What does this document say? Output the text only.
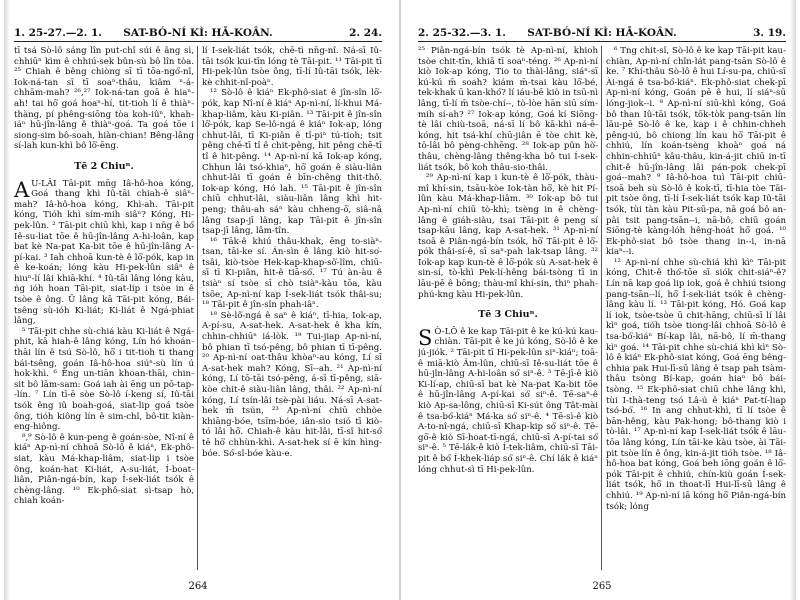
1. 25-27.—2. 1.	SAT-BÓ-NÍ KÌ: HĀ-KOÂN.	2. 24.

tī tsá Sò-lô sáng lîn put-chî súi ê âng sì, chhiūⁿ kìm ê chhiú-sek bûn-sù bô lîn tòa. ²⁵ Chiah ê bêng chiòng sī tī tōa-ngó͘-nî, Iok-ná-tan sī tī soaⁿ-thâu, kiâm ⁿ-á-chhām-mah? ²⁶,²⁷ Iok-ná-tan goā ê hiaⁿ-ah! tai hō͘ goá hoaⁿ-hí, tit-tioh lí ê thiàⁿ-thàng, pí phêng-siōng tòa koh-iûⁿ, khah-iáⁿ hū-jîn-lâng ê thiàⁿ-goá. Ta goá tōe i siong-sim bô-soah, hiàn-chian! Bêng-lâng sí-lah kun-khì bô lō͘-ēng.

Tē 2 Chiuⁿ.

A U-LÂI Tāi-pit mn̄g Iâ-hô-hoa kóng, Goá thang khì Iû-tāi chiah-ê siâⁿ-mah? Iâ-hô-hoa kóng, Khì-ah. Tāi-pit kóng, Tióh khì sím-mih siâⁿ? Kóng, Hi-pek-lûn. ² Tāi-pit chiū khì, kap i nn̄g ê bó͘ Iê-su-liat tōe ê hū-jîn-lâng A-hi-loân, kap bat kè Na-pat Ka-bit tōe ê hū-jîn-lâng A-pí-kai. ³ Iah chhoā kun-tè ê lō͘-pók, kap in ê ke-koán; lóng kàu Hi-pek-lûn siâⁿ ê hiuⁿ-lí lâi khiā-khí. ⁴ Iû-tāi lâng lóng kàu, ṅg ióh hoan Tāi-pit, siat-lip i tsòe in ê tsòe ê ông. Ū lâng kā Tāi-pit kóng, Bái-tsêng sù-ióh Ki-liát; Ki-liát ê Ngá-phiat lâng,

⁵ Tāi-pit chhe sù-chiá kàu Ki-liát ê Ngá-phit, kā hiah-ê lâng kóng, Lín hó khoán-thāi lín ê tsú Sò-lô, hō͘ i tit-tioh ti thang bái-tsêng, goán Iâ-hô-hoa siúⁿ-sù lín ú hok-khì. ⁶ Ēng un-tiān khoan-thāi, chin-sit bô lām-sam: Goá iah ài ēng un pō-tap--lín. ⁷ Lín tī-ē sòe Sò-lô í-keng sí, Iû-tāi tsók êng iû boah-goá, siat-lip goá tsòe ông, tióh kiông lín ê sim-chî, bô-tit kiàn-eng-hiông.

⁸,⁹ Sò-lô ê kun-peng ê goán-sòe, Nî-ní ê kiáⁿ Ap-nì-ní chhoā Sò-lô ê kiáⁿ, Ek-phô-siat, kàu Má-khap-liâm, siat-lip i tsòe ông, koán-hat Ki-liát, A-su-liát, Í-boat-liân, Piân-ngá-bín, kap Í-sek-liát tsók ê chèng-lâng. ¹⁰ Ek-phô-siat sì-tsap hò, chiah koán-

lí Í-sek-liát tsók, chē-tì nn̄g-nî. Ná-sī Iû-tāi tsók kui-tīn lóng tè Tāi-pit. ¹¹ Tāi-pit tī Hi-pek-lûn tsòe ông, tī-lí Iû-tāi tsók, lèk-kè chhit-nî-poàⁿ.

¹² Sò-lô ê kiáⁿ Ek-phô-siat ê jîn-sîn lō͘-pók, kap Nî-ní ê kiáⁿ Ap-nì-ní, lí-khui Má-khap-liâm, kàu Ki-piân. ¹³ Tāi-pit ê jîn-sîn lō͘-pók, kap Se-lô-ngá ê kiáⁿ Iok-ap, lóng chhut-lâi, tī Ki-piân ê tî-piⁿ tú-tioh; tsit pêng chē-tī tî ê chit-pêng, hit pêng chē-tī tî ê hit-pêng. ¹⁴ Ap-nì-ní kā Iok-ap kóng, Chhun lâi tsó-khiaⁿ, hō͘ goán ê siàu-liân chhut-lâi tī goán ê bīn-chêng thit-thô. Iok-ap kóng, Hó lah. ¹⁵ Tāi-pit ê jîn-sîn chiū chhut-lâi, siàu-liân lâng khì hit-peng; thâu-ah sáⁿ kàu chheng-ō͘, siâ-nâ lâng tsap-jī lâng, kap Tāi-pit ê jîn-sîn tsap-jī lâng, lâm-tîn.

¹⁶ Tāk-ê khiú thâu-khak, ēng to-siàⁿ-tsan, tāi-ke sí. Án-sìn ê lâng kiò hit-so͘-tsâi, kiò-tsòe Hek-kap-khap-sô͘-lîm, chiū-sī tī Ki-piân, hit-ê tiā-só͘. ¹⁷ Tú àn-àu ê tsiàⁿ sí tsòe sī chò tsiàⁿ-kàu tōa, kàu tsōe, Ap-nì-ní kap Í-sek-liát tsók thâi-su; ¹⁸ Tāi-pit ê jîn-sîn phah-iâⁿ.

¹⁸ Sè-lô͘-ngá ê saⁿ ê kiáⁿ, tī-hia, Iok-ap, A-pí-su, A-sat-hek. A-sat-hek ê kha kín, chhin-chhiūⁿ iá-lòk. ¹⁹ Tui-jiap Ap-nì-ní, bô phian tī tsó-pêng, bô phian tī tī-pêng. ²⁰ Ap-nì-ní oat-thâu khòaⁿ-au kóng, Lí sī A-sat-hek mah? Kóng, Sī--ah. ²¹ Ap-nì-ní kóng, Lí tō-tāi tsó-pêng, á-sī tī-pêng, siā-kòe chit-ê siàu-liân lâng, thâi. ²² Ap-nì-ní kóng, Lí tsín-lâi tsè-pài liáu. Ná-sī A-sat-hek m̄ tsún, ²³ Ap-nì-ní chiū chhòe khiāng-bóe, tsīm-bóe, iân-sio tsió tī kiò-tó lâi hō͘. Chiah-ê kàu hit-lâi, tī-sî hit-só͘ tē hō͘ chhùn-khì. A-sat-hek sí ē kín hìng-bóe. Só͘-sî-bóe kàu-e.

264
2. 25-32.—3. 1.	SAT-BÓ-NÍ KÌ: HĀ-KOÂN.	3. 19.

²⁵ Piân-ngá-bín tsók tè Ap-nì-ní, khioh tsòe chit-tīn, khiā tī soaⁿ-téng. ²⁶ Ap-nì-ní kiò Iok-ap kóng, Tio to thài-lâng, siáⁿ-sī kú-kú m̄ soah? kiám m̄-tsai kàu lō͘-bé, tek-khak ū kan-khó͘? lí iáu-bē kiò in tsū-nì lâng, tī-lí m̄ tsòe-chí--, tò-lòe hān siū sím-mih sí-ah? ²⁷ Iok-ap kóng, Goá kí Siōng-tè lâi chiù-tsoā, ná-sī lí bô kā-khì ná-ē-kóng, hit tsá-khí chū-jiân ē tòe chit kè, tō-lâi bô pèng-chhēng. ²⁸ Iok-ap pûn hò͘-thâu, chèng-lâng thêng-kha bô tui Í-sek-liát tsók, bô koh thâu-sio-thâi.

²⁹ Ap-nì-ní kap i kun-tè ê lō͘-pók, thàu-mî khí-sin, tsāu-kòe Iok-tàn hō͘, kè hit Pí-lûn kàu Má-khap-liâm. ³⁰ Iok-ap bô tui Ap-nì-ní chiū tò-khì; tsèng in ê chèng-lâng ê giáh-siàu, tsai Tāi-pit ê peng sí tsap-kāu lâng, kap A-sat-hek. ³¹ Ap-nì-ní tsoā ê Piân-ngá-bín tsók, hō͘ Tāi-pit ê lō͘-pók thâi-sí-ê, sī saⁿ-pah lak-tsap lâng. ³² Iok-ap kap kun-tè ê lō͘-pók sù A-sat-hek ê sin-sí, tò-khì Pek-lí-hêng bái-tsòng tī in lāu-pē ê bōng; thàu-mî khí-sin, thiⁿ phah-phú-kng kàu Hi-pek-lûn.

Tē 3 Chiuⁿ.

S Ò-LÔ ê ke kap Tāi-pit ê ke kú-kú kau-chiàn. Tāi-pit ê ke jú kóng, Sò-lô ê ke jú-jiók. ² Tāi-pit tī Hi-pek-lûn siⁿ-kiáⁿ; toā-ê miā-kiò Âm-lûn, chiū-sī Iê-su-liát tōe ê hū-jîn-lâng A-hi-loân só͘ siⁿ-ê. ³ Tē-jī-ê kiò Ki-lí-ap, chiū-sī bat kè Na-pat Ka-bit tōe ê hū-jîn-lâng A-pí-kai só͘ siⁿ-ê. Tē-saⁿ-ê kiò Ap-sa-lông, chiū-sī Ki-sút ông Tât-mài ê tsa-bó͘-kiáⁿ Má-ka só͘ siⁿ-ê. ⁴ Tē-sì-ê kiò A-to-nî-ngá, chiū-sī Khap-kip só͘ siⁿ-ê. Tē-gō͘-ê kiò Sī-hoat-tī-ngá, chiū-sī A-pí-tai só͘ siⁿ-ê. ⁵ Tē-lák-ê kiò Í-tek-liâm, chiū-sī Tāi-pit ê bó͘ Í-khek-liáp só͘ siⁿ-ê. Chí lák ê kiáⁿ lóng chhut-sì tī Hi-pek-lûn.

⁶ Tng chit-sî, Sò-lô ê ke kap Tāi-pit kau-chiàn, Ap-nì-ní chîn-lát pang-tsān Sò-lô ê ke. ⁷ Khí-thâu Sò-lô ê hui Lí-su-pa, chiū-sī Ài-ngá ê tsa-bó͘-kiáⁿ. Ek-phô-siat chek-pī Ap-nì-ní kóng, Goán pē ê hui, lí siáⁿ-sū lóng-jiok--i. ⁸ Ap-nì-ní siū-khì kóng, Goá bô than Iû-tāi tsók, tōk-tòk pang-tsān lín lāu-pē Sò-lô ê ke, kap i ê chhin-chheh pêng-iú, bô chiong lín kau hō͘ Tāi-pit ê chhiú, lín koán-tsèng khoàⁿ goá ná chhin-chhiūⁿ kâu-thâu, kin-á-jit chiū in-tī chit-ê hū-jîn-lâng lâi pán-pok chek-pī goá--mah? ⁹ Iâ-hô-hoa tuì Tāi-pit chiū-tsoā beh sù Sò-lô ê kok-tī, tī-hia tòe Tāi-pit tsòe ông, tī-lí Í-sek-liát tsók kap Iû-tāi tsók, tùi tàn kàu Pit-sū-pa, nā goá bô an-pâi tsit pang-tsān--i, nā-bô, chiū goán Siōng-tè kàng-lóh hêng-hoát hō͘ goá. ¹⁰ Ek-phô-siat bô tsòe thang in--i, in-nā kiaⁿ--i.

¹² Ap-nì-ní chhe sù-chiá khì kìⁿ Tāi-pit kóng, Chit-ê thó͘-tōe sī siók chit-siáⁿ-ê? Lín nā kap goá lip iok, goá ê chhiú tsiong pang-tsān--lí, hō͘ Í-sek-liát tsók ê chèng-lâng kàu lí. ¹³ Tāi-pit kóng, Hó. Goá kap lí iok, tsòe-tsòe ū chit-hāng, chiū-sī lí lâi kìⁿ goá, tióh tsòe tiong-lâi chhoā Sò-lô ê tsa-bó͘-kiáⁿ Bí-kap lâi, nā-bô, lí m̄-thang kìⁿ goá. ¹⁴ Tāi-pit chhe sù-chiá khì kìⁿ Sò-lô ê kiáⁿ Ek-phô-siat kóng, Goá ēng bêng-chhia pak Hui-lī-sū lâng ê tsap pah tsàm-thâu tsòng Bí-kap, goán hiaⁿ bô bái-tsòng. ¹⁵ Ek-phô-siat chiū chhe lâng khì, tùi I-thà-teng tsó Lâ-ú ê kiáⁿ Pat-tí-liap tsó-bó͘. ¹⁶ In ang chhut-khì, tī lí tsòe ê bān-hêng, kàu Pak-hong; bô-thang kiò i tò-lâi. ¹⁷ Ap-nì-ní kap Í-sek-liát tsók ê lāu-tōa lâng kóng, Lín tāi-ke kàu tsòe, ài Tāi-pit tsòe lín ê ông, kin-á-jit tióh tsòe. ¹⁸ Iâ-hô-hoa bat kóng, Goá beh iōng goán ê lō͘-pók Tāi-pit ê chhiú, chín-kiù goán Í-sek-liát tsók, hō͘ in thoat-lī Hui-lī-sū lâng ê chhiú. ¹⁹ Ap-nì-ní iā kóng hō͘ Piân-ngá-bín tsók; lóng

265
